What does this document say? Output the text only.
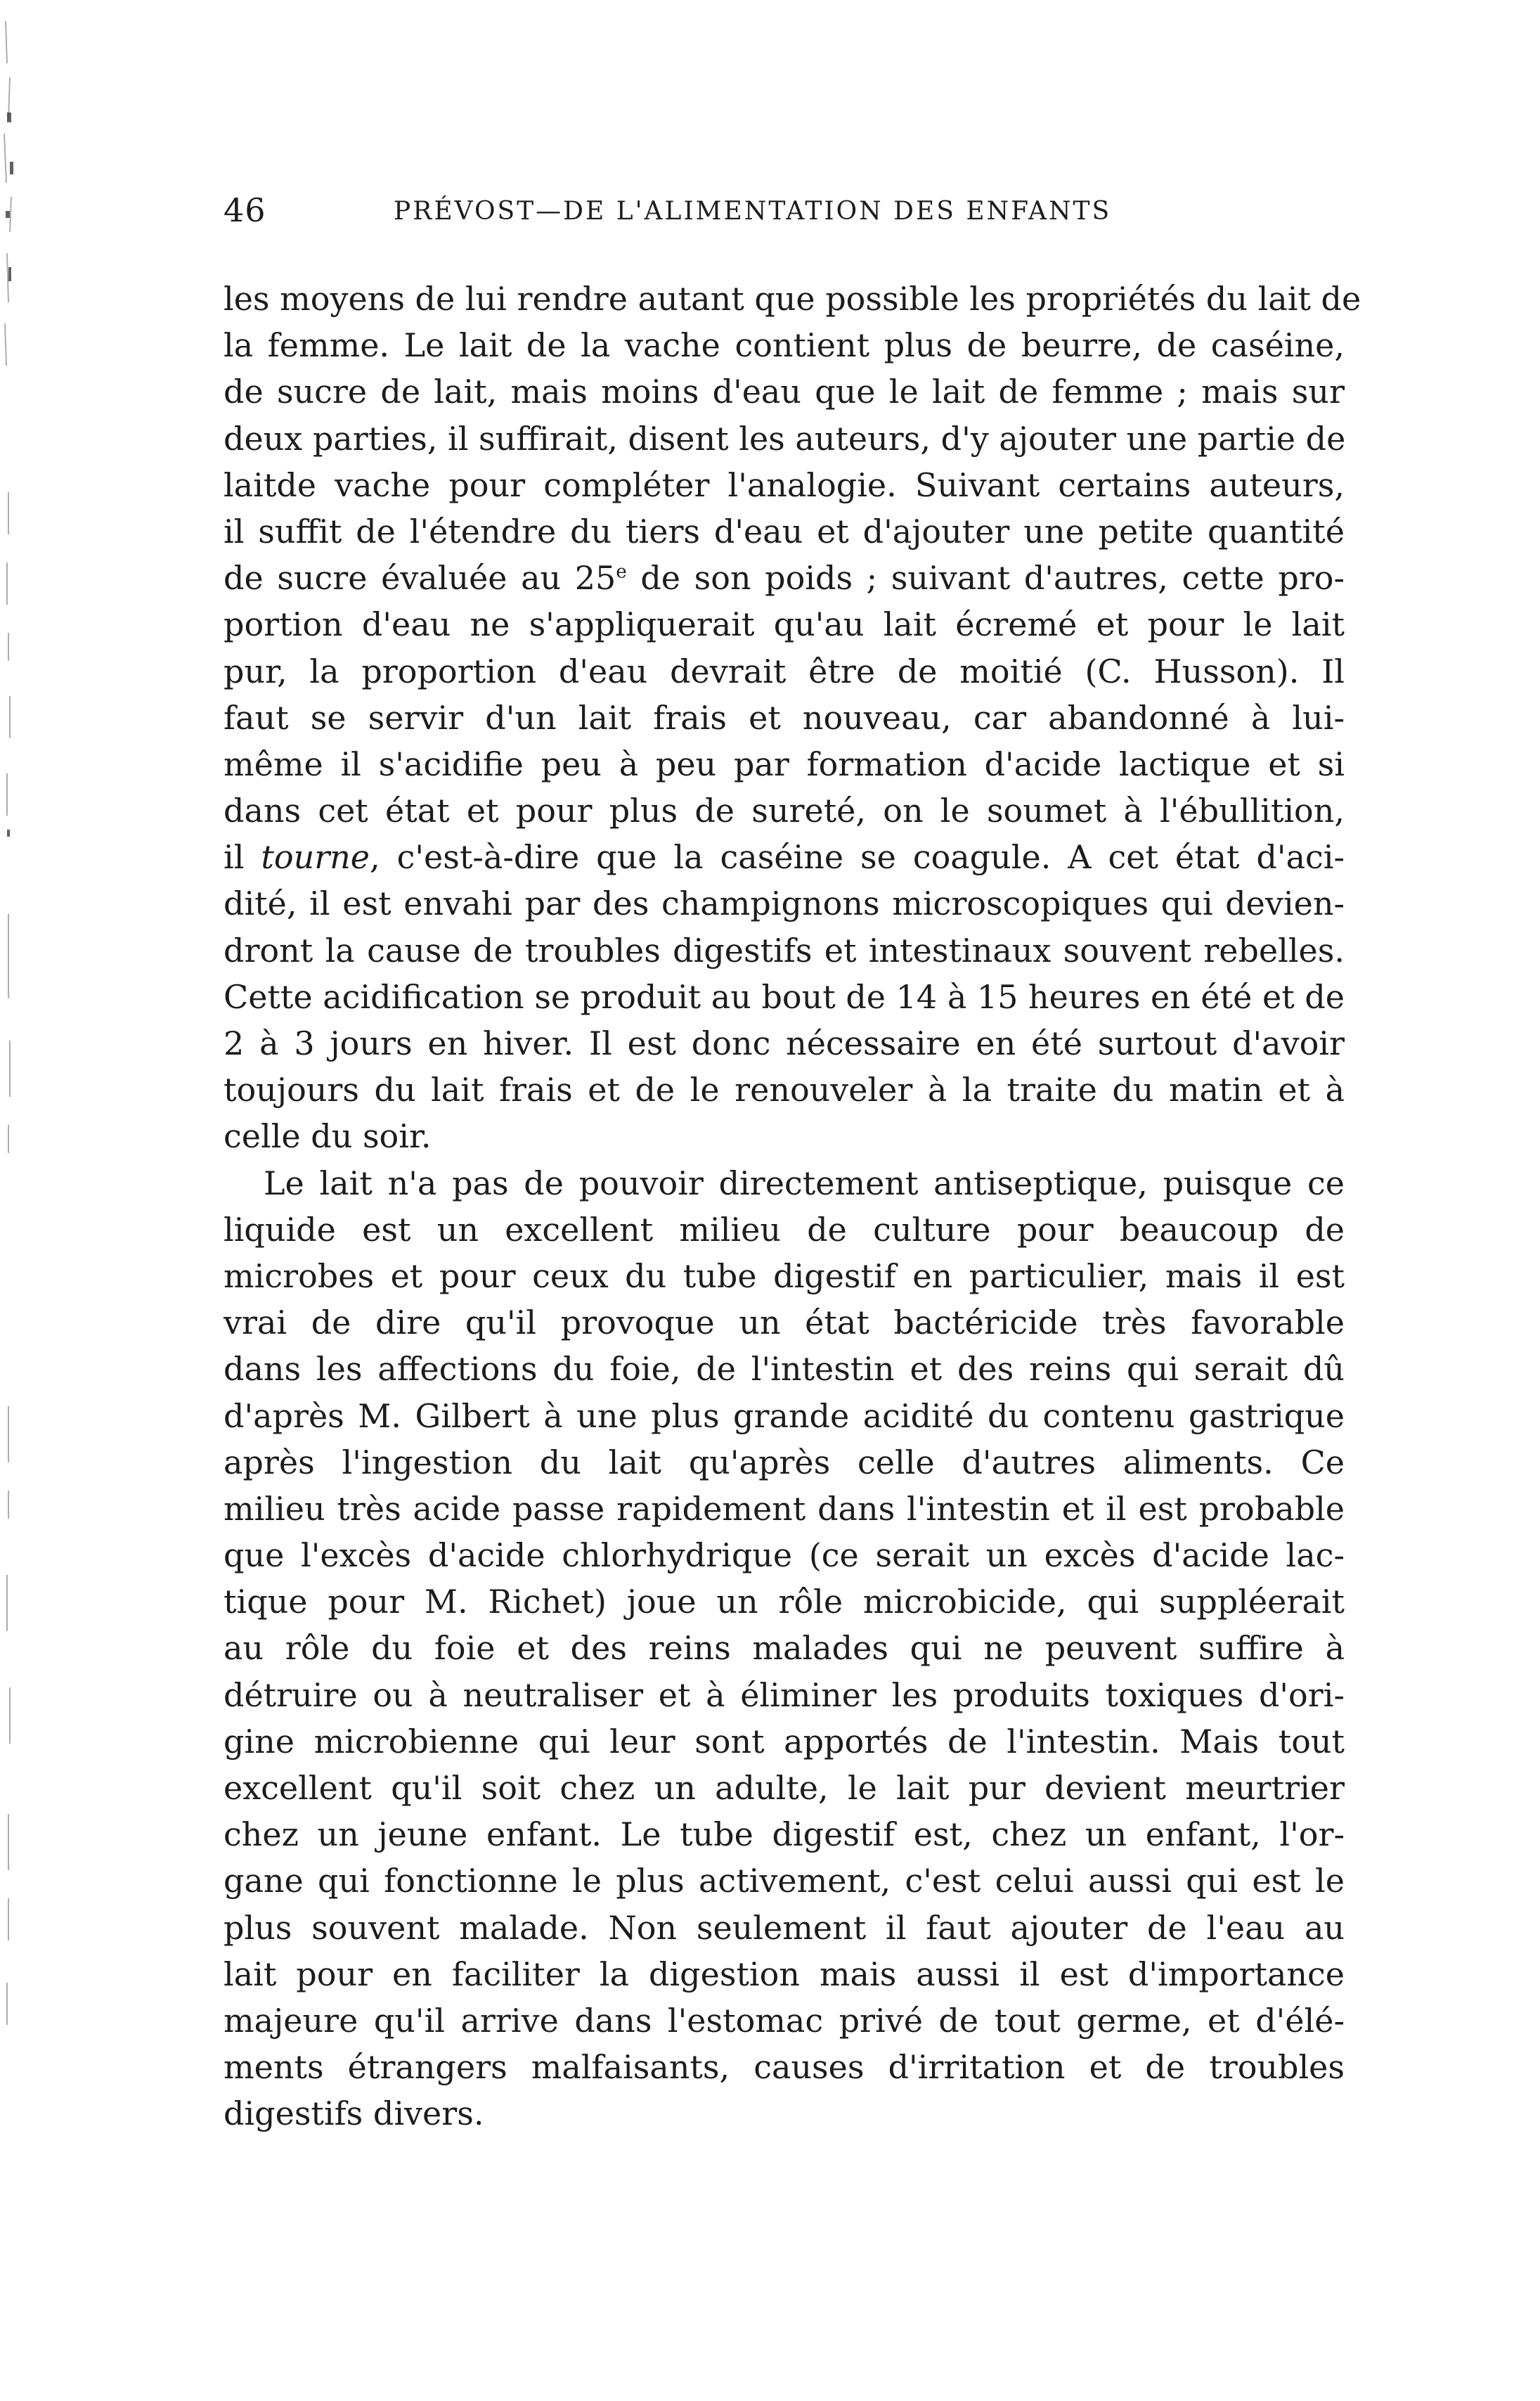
46	PRÉVOST—DE L'ALIMENTATION DES ENFANTS
les moyens de lui rendre autant que possible les propriétés du lait de
la femme. Le lait de la vache contient plus de beurre, de caséine,
de sucre de lait, mais moins d'eau que le lait de femme ; mais sur
deux parties, il suffirait, disent les auteurs, d'y ajouter une partie de
laitde vache pour compléter l'analogie. Suivant certains auteurs,
il suffit de l'étendre du tiers d'eau et d'ajouter une petite quantité
de sucre évaluée au 25e de son poids ; suivant d'autres, cette pro-
portion d'eau ne s'appliquerait qu'au lait écremé et pour le lait
pur, la proportion d'eau devrait être de moitié (C. Husson). Il
faut se servir d'un lait frais et nouveau, car abandonné à lui-
même il s'acidifie peu à peu par formation d'acide lactique et si
dans cet état et pour plus de sureté, on le soumet à l'ébullition,
il tourne, c'est-à-dire que la caséine se coagule. A cet état d'aci-
dité, il est envahi par des champignons microscopiques qui devien-
dront la cause de troubles digestifs et intestinaux souvent rebelles.
Cette acidification se produit au bout de 14 à 15 heures en été et de
2 à 3 jours en hiver. Il est donc nécessaire en été surtout d'avoir
toujours du lait frais et de le renouveler à la traite du matin et à
celle du soir.
Le lait n'a pas de pouvoir directement antiseptique, puisque ce
liquide est un excellent milieu de culture pour beaucoup de
microbes et pour ceux du tube digestif en particulier, mais il est
vrai de dire qu'il provoque un état bactéricide très favorable
dans les affections du foie, de l'intestin et des reins qui serait dû
d'après M. Gilbert à une plus grande acidité du contenu gastrique
après l'ingestion du lait qu'après celle d'autres aliments. Ce
milieu très acide passe rapidement dans l'intestin et il est probable
que l'excès d'acide chlorhydrique (ce serait un excès d'acide lac-
tique pour M. Richet) joue un rôle microbicide, qui suppléerait
au rôle du foie et des reins malades qui ne peuvent suffire à
détruire ou à neutraliser et à éliminer les produits toxiques d'ori-
gine microbienne qui leur sont apportés de l'intestin. Mais tout
excellent qu'il soit chez un adulte, le lait pur devient meurtrier
chez un jeune enfant. Le tube digestif est, chez un enfant, l'or-
gane qui fonctionne le plus activement, c'est celui aussi qui est le
plus souvent malade. Non seulement il faut ajouter de l'eau au
lait pour en faciliter la digestion mais aussi il est d'importance
majeure qu'il arrive dans l'estomac privé de tout germe, et d'élé-
ments étrangers malfaisants, causes d'irritation et de troubles
digestifs divers.
